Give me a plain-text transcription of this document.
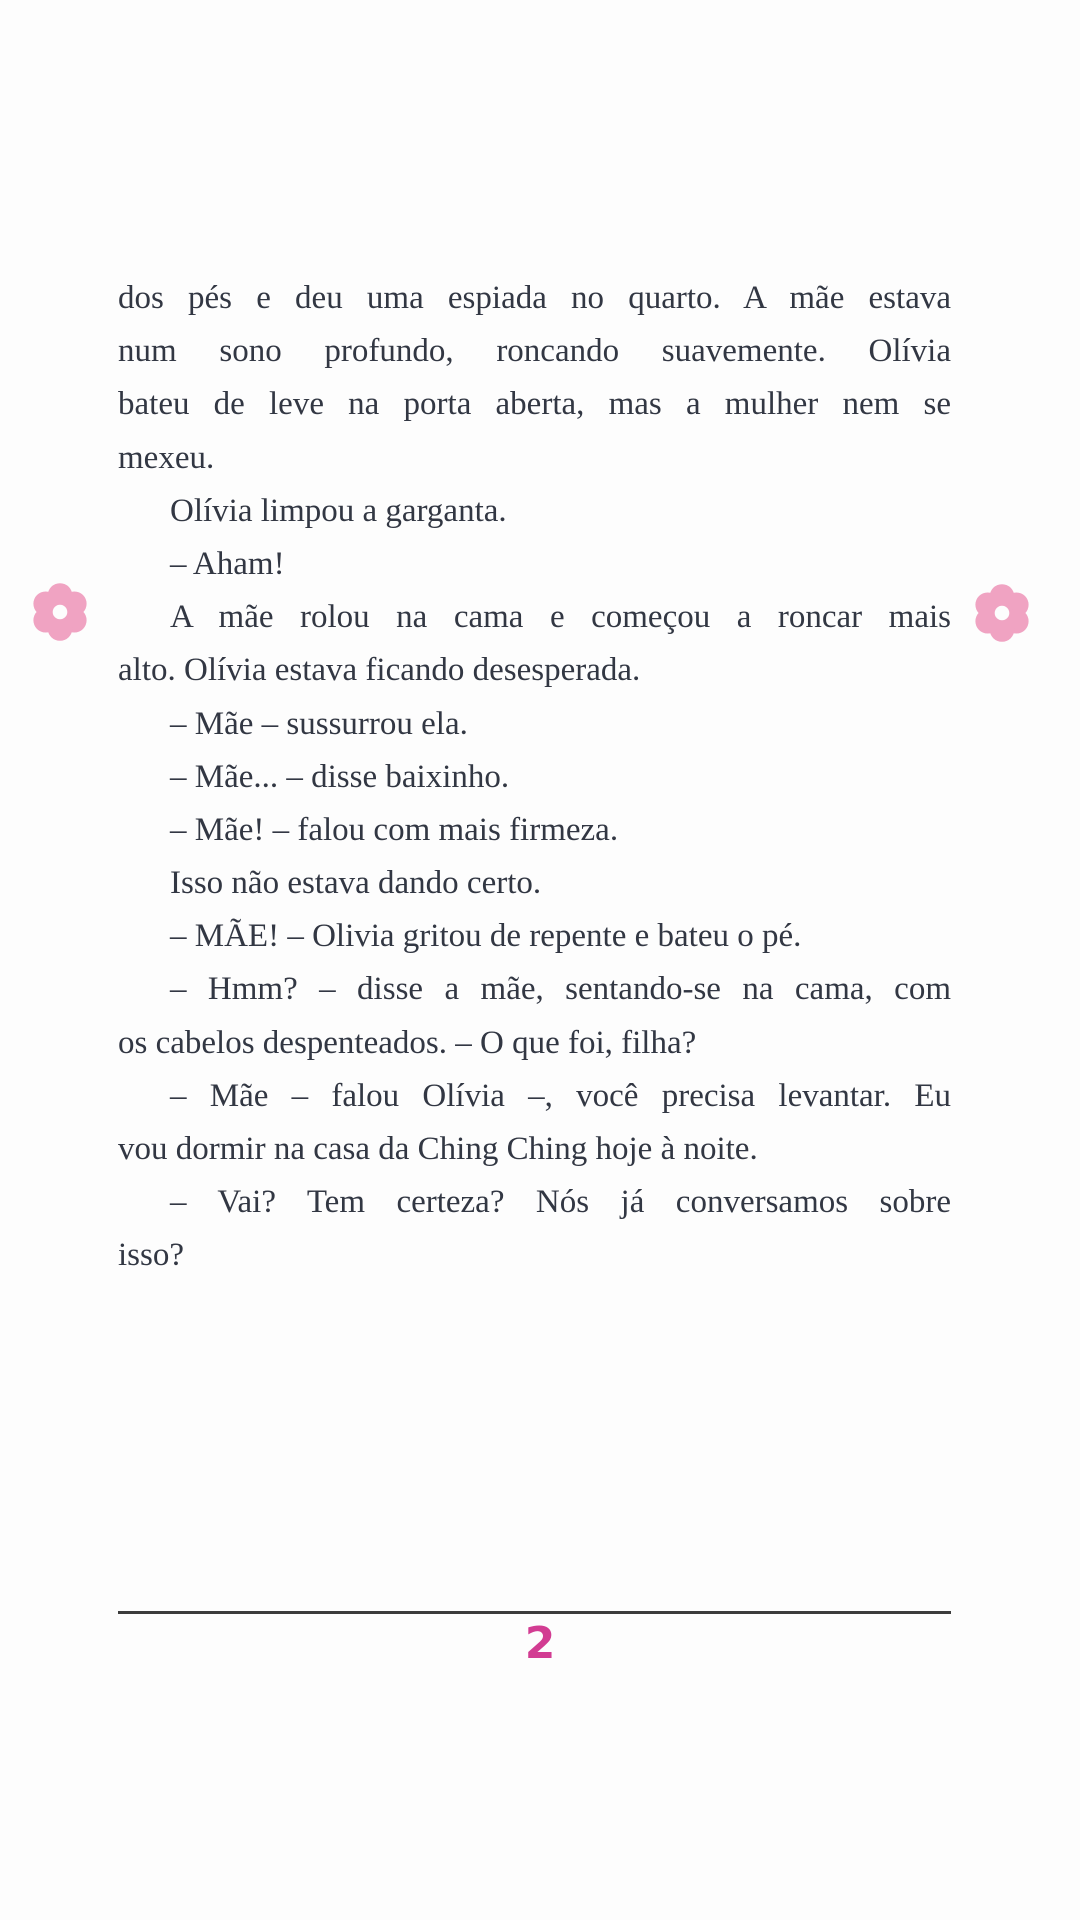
dos pés e deu uma espiada no quarto. A mãe estava
num sono profundo, roncando suavemente. Olívia
bateu de leve na porta aberta, mas a mulher nem se
mexeu.
Olívia limpou a garganta.
– Aham!
A mãe rolou na cama e começou a roncar mais
alto. Olívia estava ficando desesperada.
– Mãe – sussurrou ela.
– Mãe... – disse baixinho.
– Mãe! – falou com mais firmeza.
Isso não estava dando certo.
– MÃE! – Olivia gritou de repente e bateu o pé.
– Hmm? – disse a mãe, sentando-se na cama, com
os cabelos despenteados. – O que foi, filha?
– Mãe – falou Olívia –, você precisa levantar. Eu
vou dormir na casa da Ching Ching hoje à noite.
– Vai? Tem certeza? Nós já conversamos sobre
isso?
2
